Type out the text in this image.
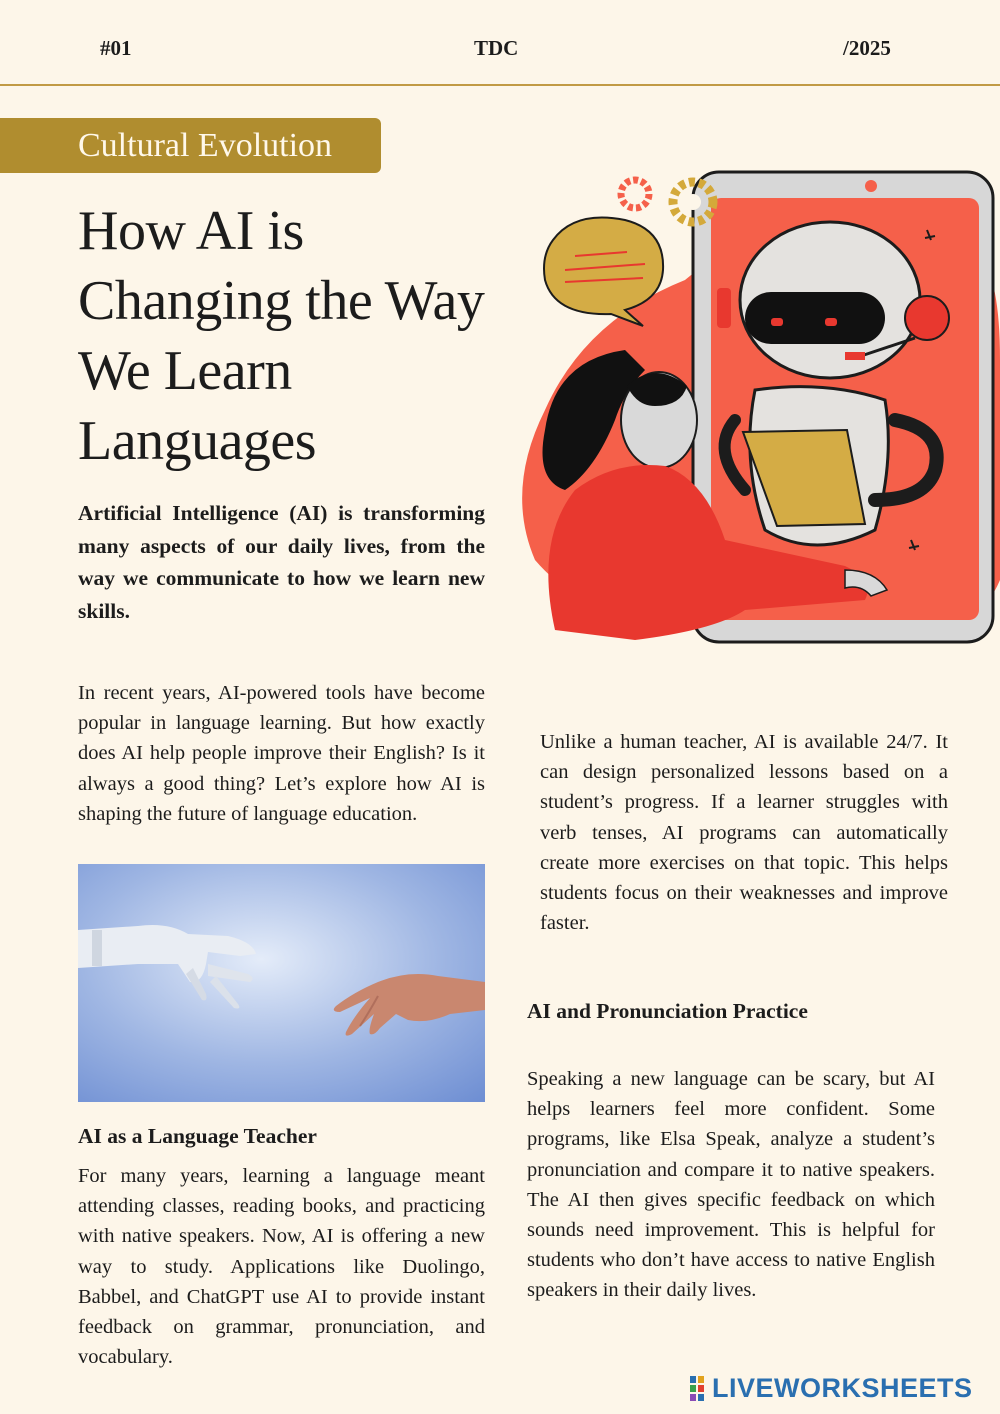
#01	TDC	/2025
Cultural Evolution
How AI is Changing the Way We Learn Languages

Artificial Intelligence (AI) is transforming many aspects of our daily lives, from the way we communicate to how we learn new skills.

In recent years, AI-powered tools have become popular in language learning. But how exactly does AI help people improve their English? Is it always a good thing? Let’s explore how AI is shaping the future of language education.

AI as a Language Teacher

For many years, learning a language meant attending classes, reading books, and practicing with native speakers. Now, AI is offering a new way to study. Applications like Duolingo, Babbel, and ChatGPT use AI to provide instant feedback on grammar, pronunciation, and vocabulary.

Unlike a human teacher, AI is available 24/7. It can design personalized lessons based on a student’s progress. If a learner struggles with verb tenses, AI programs can automatically create more exercises on that topic. This helps students focus on their weaknesses and improve faster.

AI and Pronunciation Practice

Speaking a new language can be scary, but AI helps learners feel more confident. Some programs, like Elsa Speak, analyze a student’s pronunciation and compare it to native speakers. The AI then gives specific feedback on which sounds need improvement. This is helpful for students who don’t have access to native English speakers in their daily lives.

LIVEWORKSHEETS
